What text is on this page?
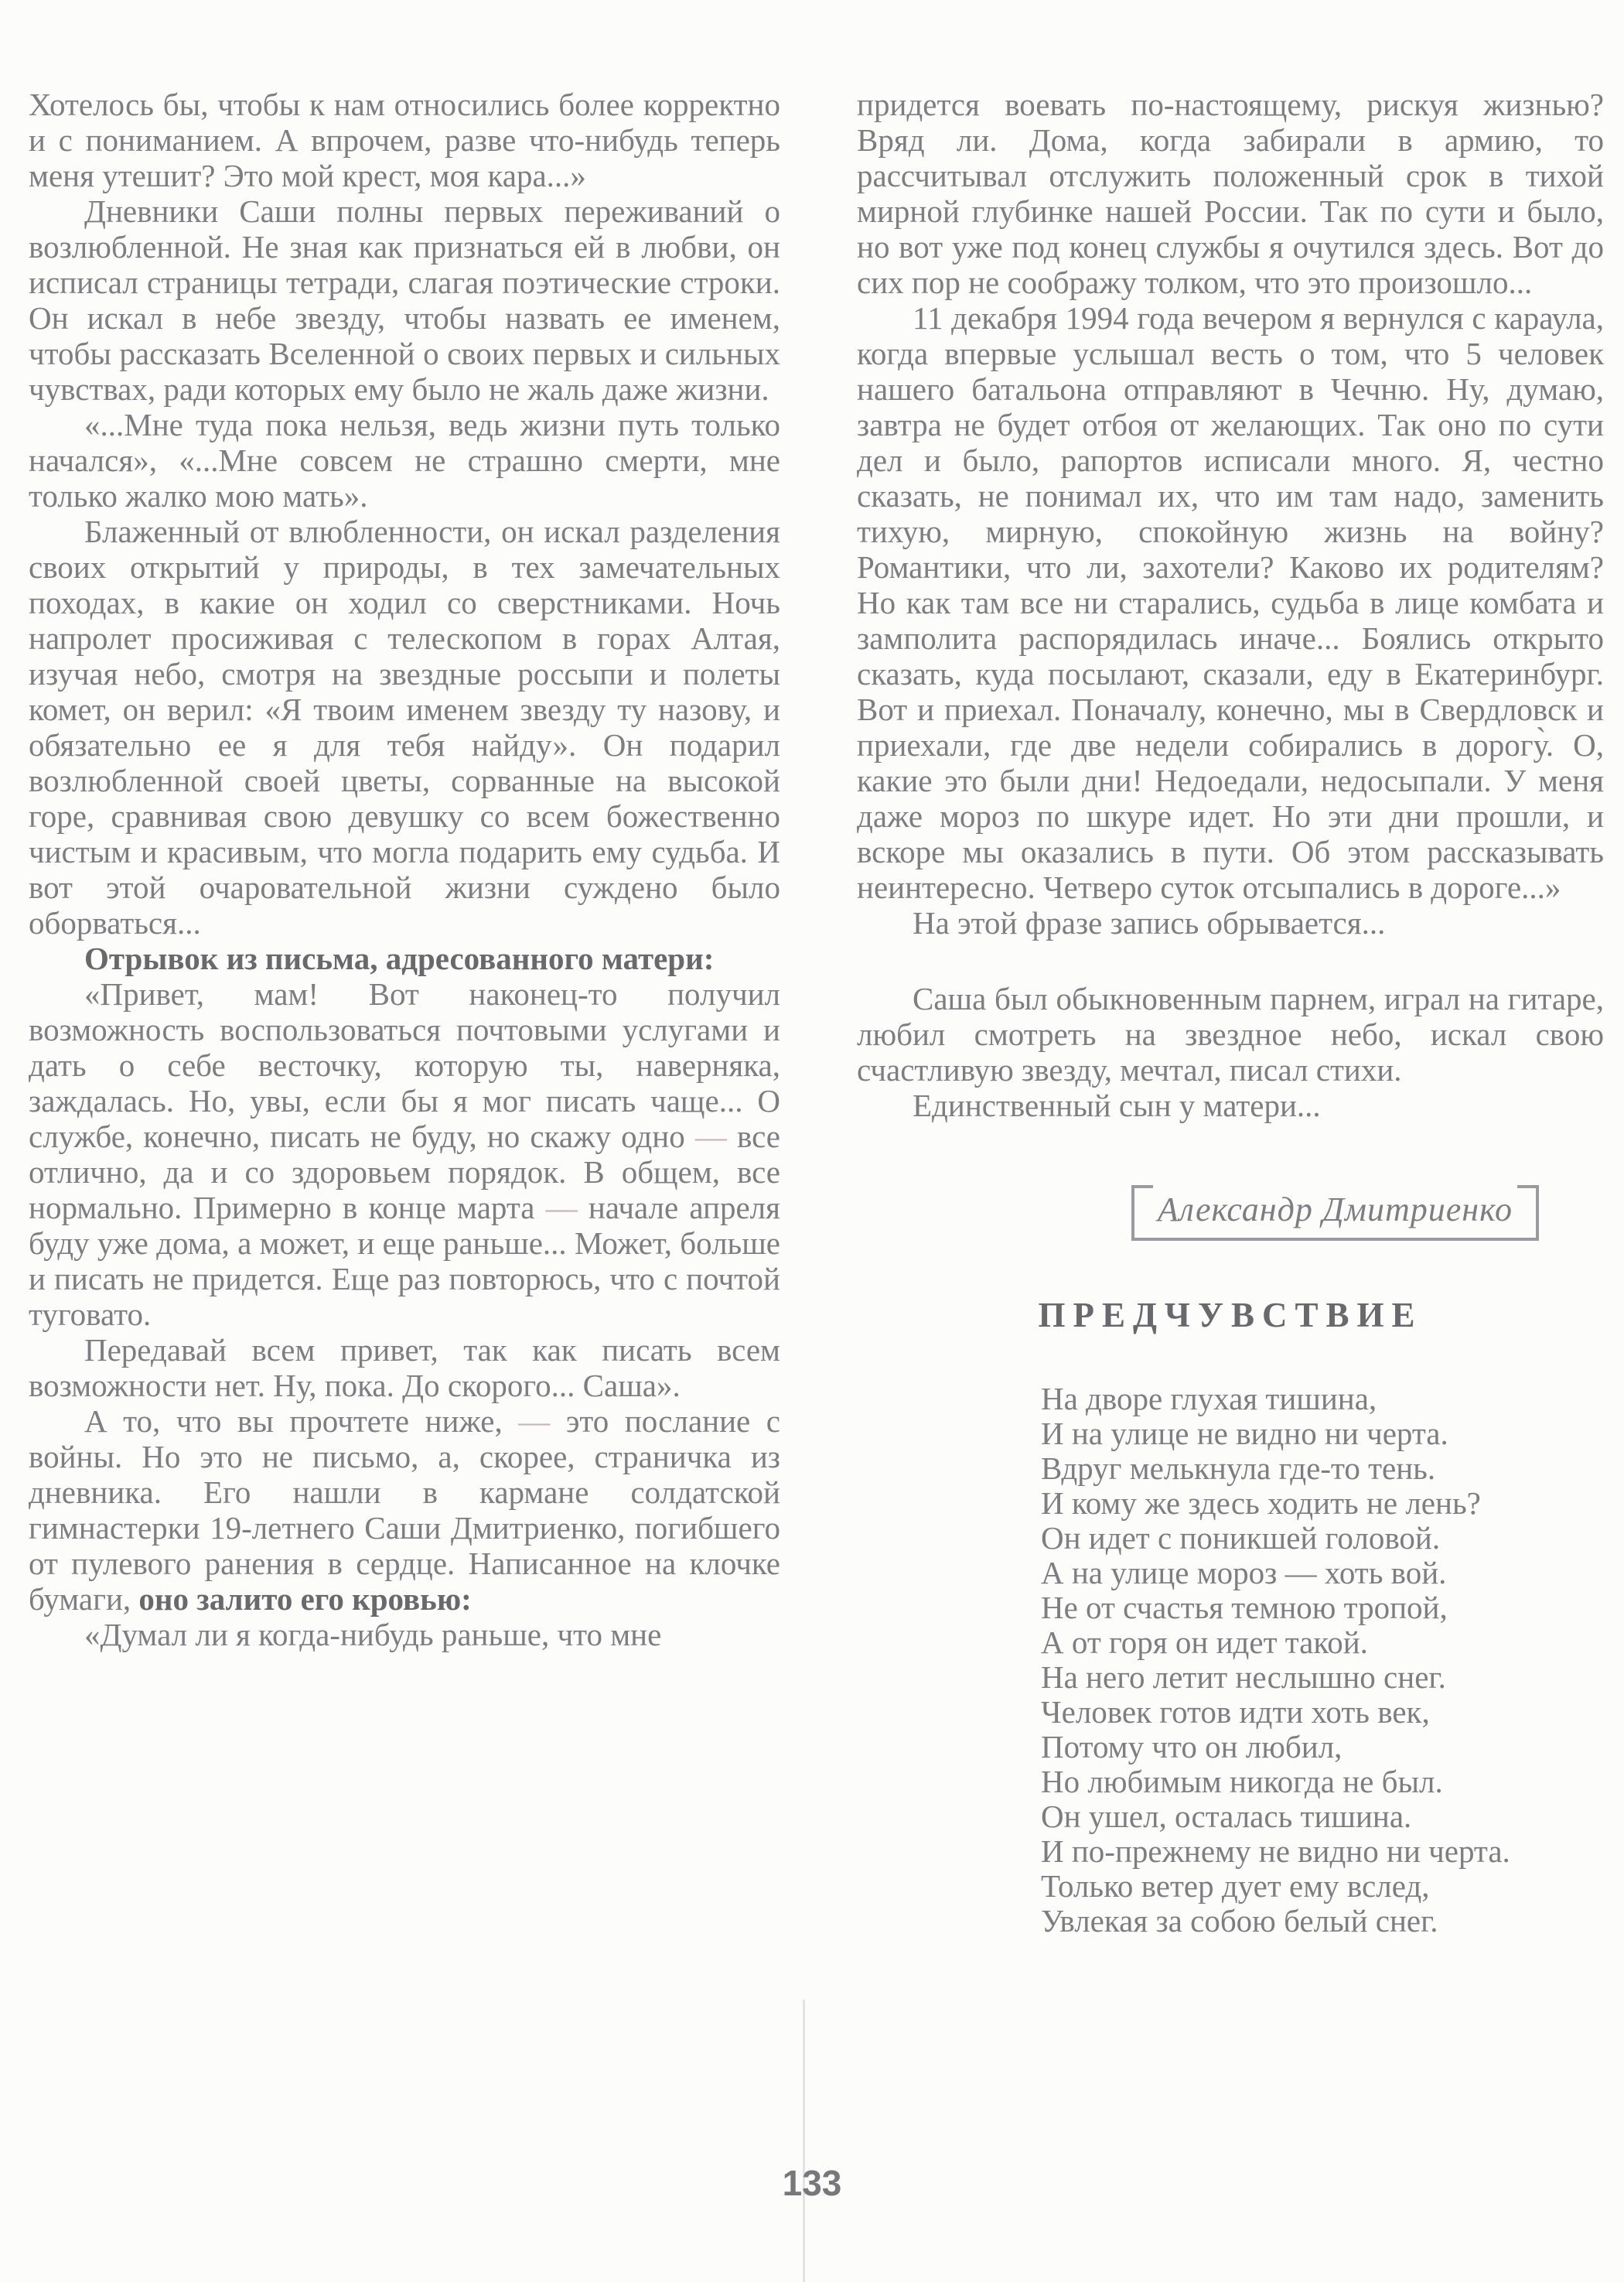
Хотелось бы, чтобы к нам относились более корректно и с пониманием. А впрочем, разве что-нибудь теперь меня утешит? Это мой крест, моя кара...»

Дневники Саши полны первых переживаний о возлюбленной. Не зная как признаться ей в любви, он исписал страницы тетради, слагая поэтические строки. Он искал в небе звезду, чтобы назвать ее именем, чтобы рассказать Вселенной о своих первых и сильных чувствах, ради которых ему было не жаль даже жизни.

«...Мне туда пока нельзя, ведь жизни путь только начался», «...Мне совсем не страшно смерти, мне только жалко мою мать».

Блаженный от влюбленности, он искал разделения своих открытий у природы, в тех замечательных походах, в какие он ходил со сверстниками. Ночь напролет просиживая с телескопом в горах Алтая, изучая небо, смотря на звездные россыпи и полеты комет, он верил: «Я твоим именем звезду ту назову, и обязательно ее я для тебя найду». Он подарил возлюбленной своей цветы, сорванные на высокой горе, сравнивая свою девушку со всем божественно чистым и красивым, что могла подарить ему судьба. И вот этой очаровательной жизни суждено было оборваться...

Отрывок из письма, адресованного матери:

«Привет, мам! Вот наконец-то получил возможность воспользоваться почтовыми услугами и дать о себе весточку, которую ты, наверняка, заждалась. Но, увы, если бы я мог писать чаще... О службе, конечно, писать не буду, но скажу одно — все отлично, да и со здоровьем порядок. В общем, все нормально. Примерно в конце марта — начале апреля буду уже дома, а может, и еще раньше... Может, больше и писать не придется. Еще раз повторюсь, что с почтой туговато.

Передавай всем привет, так как писать всем возможности нет. Ну, пока. До скорого... Саша».

А то, что вы прочтете ниже, — это послание с войны. Но это не письмо, а, скорее, страничка из дневника. Его нашли в кармане солдатской гимнастерки 19-летнего Саши Дмитриенко, погибшего от пулевого ранения в сердце. Написанное на клочке бумаги, оно залито его кровью:

«Думал ли я когда-нибудь раньше, что мне

придется воевать по-настоящему, рискуя жизнью? Вряд ли. Дома, когда забирали в армию, то рассчитывал отслужить положенный срок в тихой мирной глубинке нашей России. Так по сути и было, но вот уже под конец службы я очутился здесь. Вот до сих пор не соображу толком, что это произошло...

11 декабря 1994 года вечером я вернулся с караула, когда впервые услышал весть о том, что 5 человек нашего батальона отправляют в Чечню. Ну, думаю, завтра не будет отбоя от желающих. Так оно по сути дел и было, рапортов исписали много. Я, честно сказать, не понимал их, что им там надо, заменить тихую, мирную, спокойную жизнь на войну? Романтики, что ли, захотели? Каково их родителям? Но как там все ни старались, судьба в лице комбата и замполита распорядилась иначе... Боялись открыто сказать, куда посылают, сказали, еду в Екатеринбург. Вот и приехал. Поначалу, конечно, мы в Свердловск и приехали, где две недели собирались в дорогу̀. О, какие это были дни! Недоедали, недосыпали. У меня даже мороз по шкуре идет. Но эти дни прошли, и вскоре мы оказались в пути. Об этом рассказывать неинтересно. Четверо суток отсыпались в дороге...»

На этой фразе запись обрывается...

Саша был обыкновенным парнем, играл на гитаре, любил смотреть на звездное небо, искал свою счастливую звезду, мечтал, писал стихи.

Единственный сын у матери...

Александр Дмитриенко
ПРЕДЧУВСТВИЕ
На дворе глухая тишина,
И на улице не видно ни черта.
Вдруг мелькнула где-то тень.
И кому же здесь ходить не лень?
Он идет с поникшей головой.
А на улице мороз — хоть вой.
Не от счастья темною тропой,
А от горя он идет такой.
На него летит неслышно снег.
Человек готов идти хоть век,
Потому что он любил,
Но любимым никогда не был.
Он ушел, осталась тишина.
И по-прежнему не видно ни черта.
Только ветер дует ему вслед,
Увлекая за собою белый снег.
133
